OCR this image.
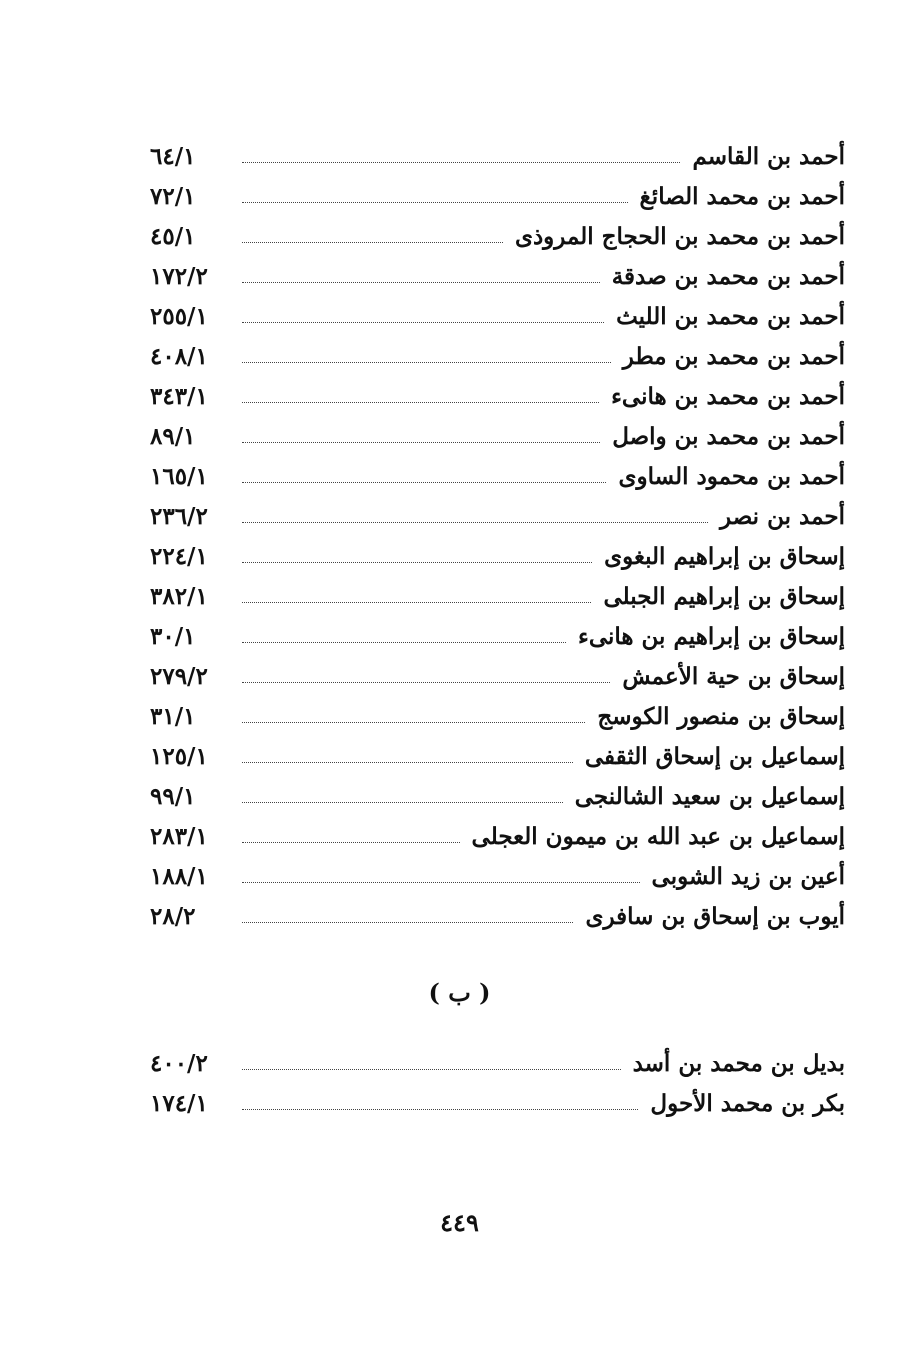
أحمد بن القاسم
٦٤/١
أحمد بن محمد الصائغ
٧٢/١
أحمد بن محمد بن الحجاج المروذى
٤٥/١
أحمد بن محمد بن صدقة
١٧٢/٢
أحمد بن محمد بن الليث
٢٥٥/١
أحمد بن محمد بن مطر
٤٠٨/١
أحمد بن محمد بن هانىء
٣٤٣/١
أحمد بن محمد بن واصل
٨٩/١
أحمد بن محمود الساوى
١٦٥/١
أحمد بن نصر
٢٣٦/٢
إسحاق بن إبراهيم البغوى
٢٢٤/١
إسحاق بن إبراهيم الجبلى
٣٨٢/١
إسحاق بن إبراهيم بن هانىء
٣٠/١
إسحاق بن حية الأعمش
٢٧٩/٢
إسحاق بن منصور الكوسج
٣١/١
إسماعيل بن إسحاق الثقفى
١٢٥/١
إسماعيل بن سعيد الشالنجى
٩٩/١
إسماعيل بن عبد الله بن ميمون العجلى
٢٨٣/١
أعين بن زيد الشوبى
١٨٨/١
أيوب بن إسحاق بن سافرى
٢٨/٢
( ب )
بديل بن محمد بن أسد
٤٠٠/٢
بكر بن محمد الأحول
١٧٤/١
٤٤٩
